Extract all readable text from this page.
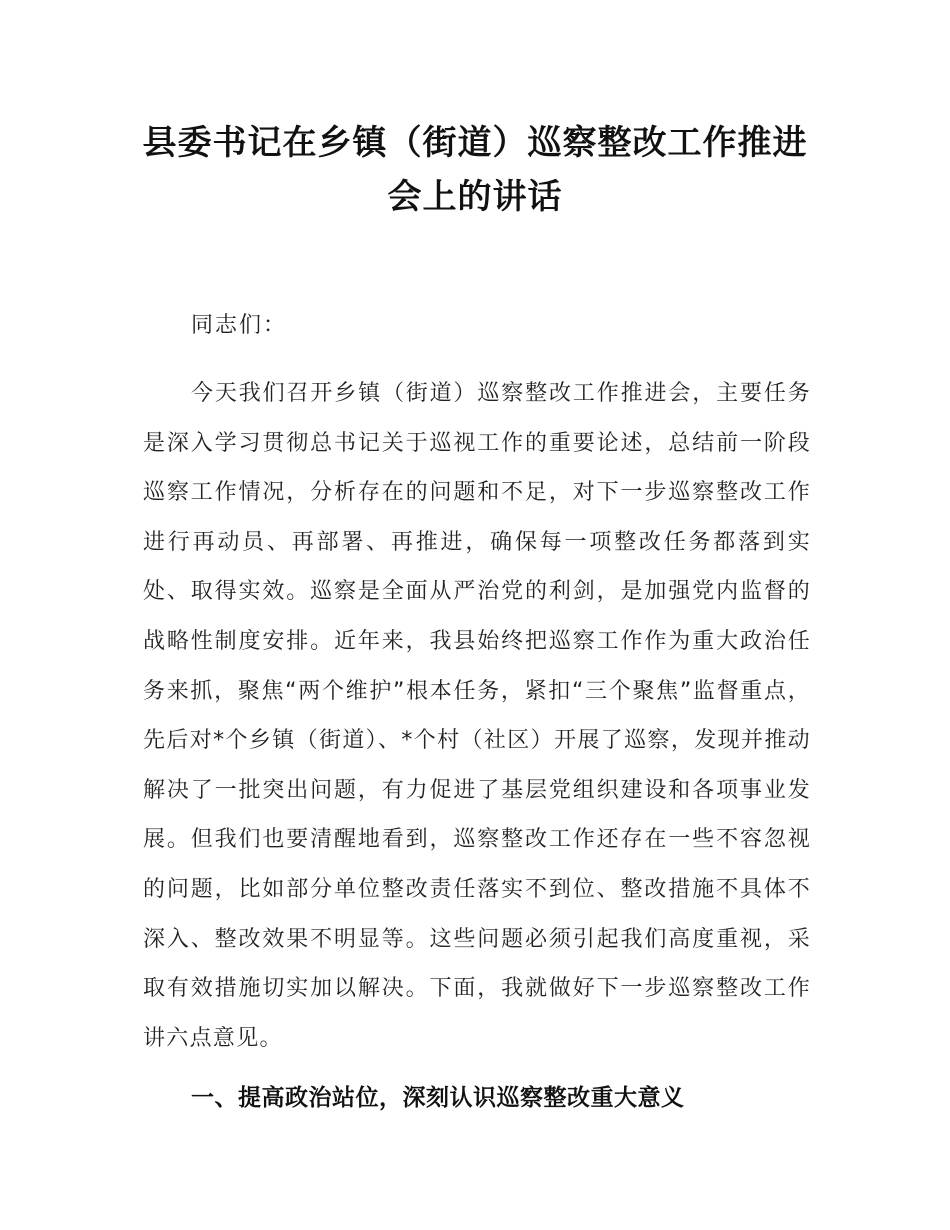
县委书记在乡镇（街道）巡察整改工作推进
会上的讲话
同志们：
今天我们召开乡镇（街道）巡察整改工作推进会，主要任务是深入学习贯彻总书记关于巡视工作的重要论述，总结前一阶段巡察工作情况，分析存在的问题和不足，对下一步巡察整改工作进行再动员、再部署、再推进，确保每一项整改任务都落到实处、取得实效。巡察是全面从严治党的利剑，是加强党内监督的战略性制度安排。近年来，我县始终把巡察工作作为重大政治任务来抓，聚焦“两个维护”根本任务，紧扣“三个聚焦”监督重点，先后对*个乡镇（街道）、*个村（社区）开展了巡察，发现并推动解决了一批突出问题，有力促进了基层党组织建设和各项事业发展。但我们也要清醒地看到，巡察整改工作还存在一些不容忽视的问题，比如部分单位整改责任落实不到位、整改措施不具体不深入、整改效果不明显等。这些问题必须引起我们高度重视，采取有效措施切实加以解决。下面，我就做好下一步巡察整改工作讲六点意见。
一、提高政治站位，深刻认识巡察整改重大意义
